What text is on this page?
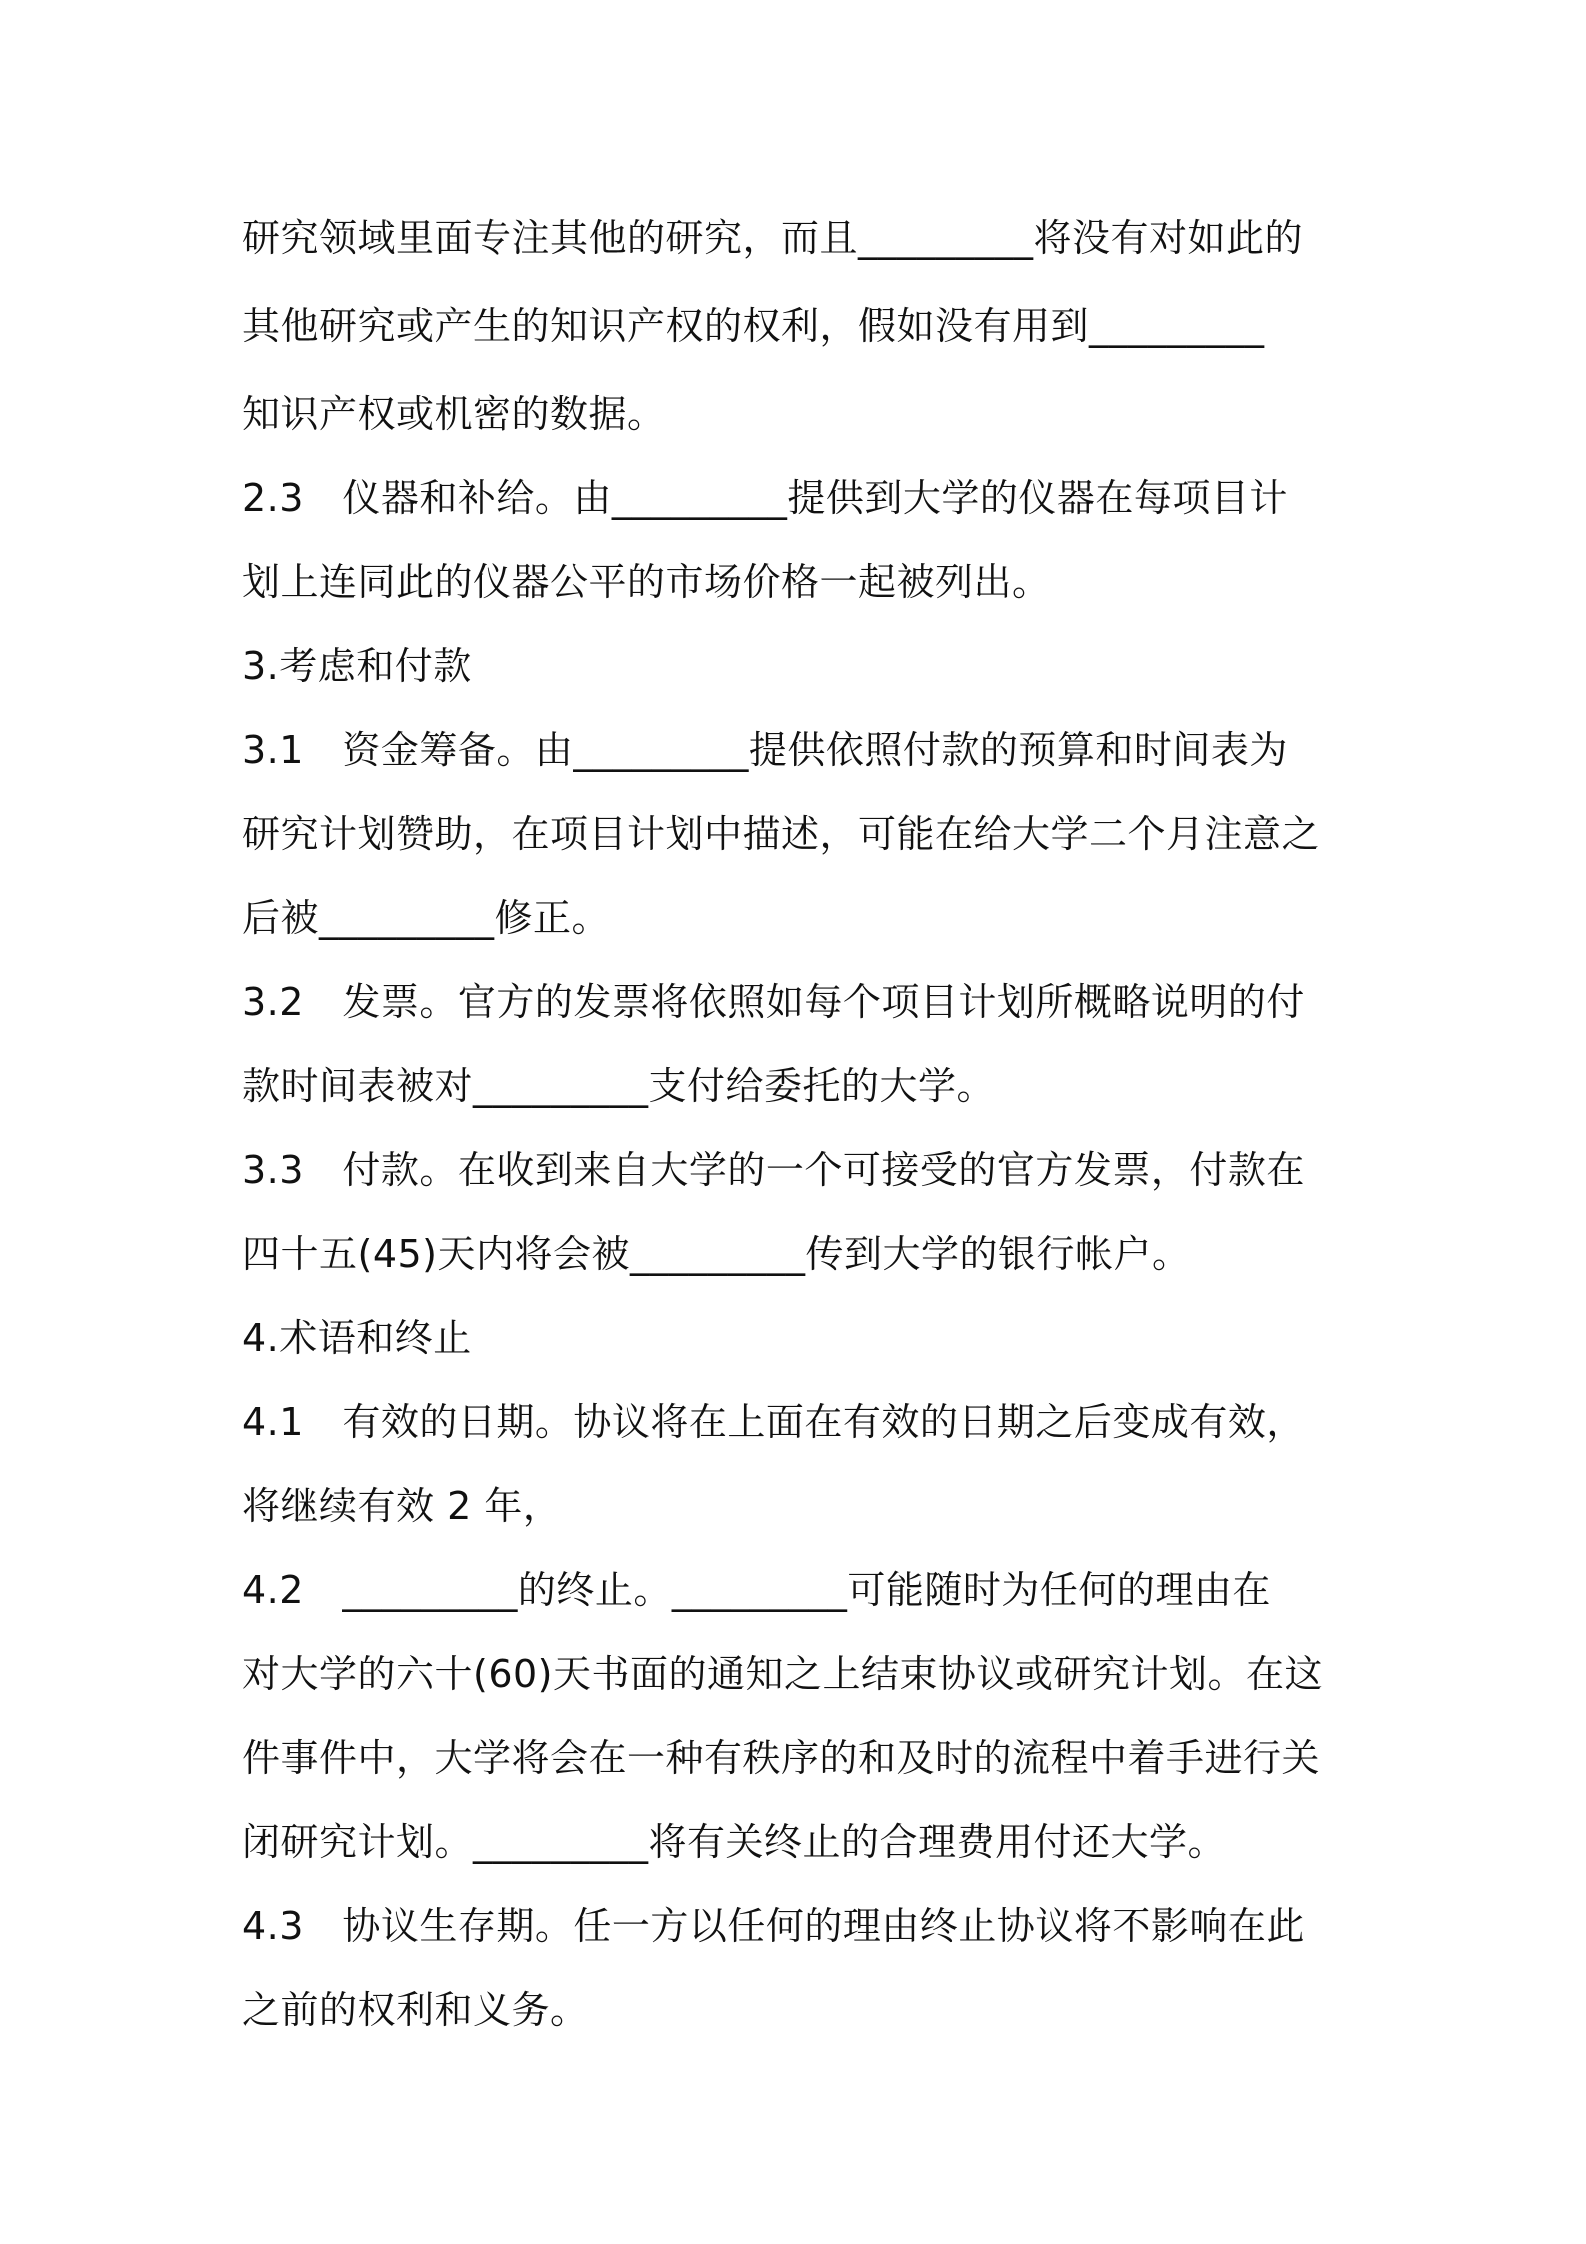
研究领域里面专注其他的研究，而且_________将没有对如此的
其他研究或产生的知识产权的权利，假如没有用到_________
知识产权或机密的数据。
2.3　仪器和补给。由_________提供到大学的仪器在每项目计
划上连同此的仪器公平的市场价格一起被列出。
3.考虑和付款
3.1　资金筹备。由_________提供依照付款的预算和时间表为
研究计划赞助，在项目计划中描述，可能在给大学二个月注意之
后被_________修正。
3.2　发票。官方的发票将依照如每个项目计划所概略说明的付
款时间表被对_________支付给委托的大学。
3.3　付款。在收到来自大学的一个可接受的官方发票，付款在
四十五(45)天内将会被_________传到大学的银行帐户。
4.术语和终止
4.1　有效的日期。协议将在上面在有效的日期之后变成有效，
将继续有效 2 年，
4.2　_________的终止。_________可能随时为任何的理由在
对大学的六十(60)天书面的通知之上结束协议或研究计划。在这
件事件中，大学将会在一种有秩序的和及时的流程中着手进行关
闭研究计划。_________将有关终止的合理费用付还大学。
4.3　协议生存期。任一方以任何的理由终止协议将不影响在此
之前的权利和义务。
